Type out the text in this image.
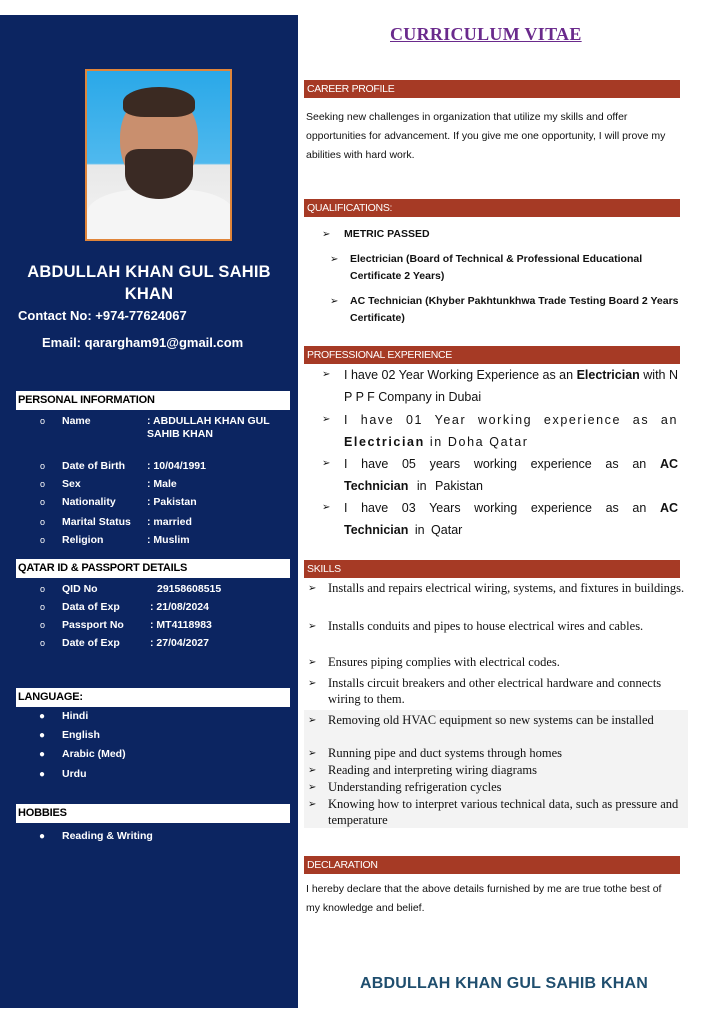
ABDULLAH KHAN GUL SAHIB KHAN
Contact No: +974-77624067
Email: qarargham91@gmail.com
PERSONAL INFORMATION
o Name	: ABDULLAH KHAN GUL SAHIB KHAN
o Date of Birth : 10/04/1991
o Sex	: Male
o Nationality	: Pakistan
o Marital Status : married
o Religion	: Muslim
QATAR ID & PASSPORT DETAILS
o QID No	29158608515
o Data of Exp	: 21/08/2024
o Passport No : MT4118983
o Date of Exp	: 27/04/2027
LANGUAGE:
● Hindi
● English
● Arabic (Med)
● Urdu
HOBBIES
● Reading & Writing
CURRICULUM VITAE
CAREER PROFILE
Seeking new challenges in organization that utilize my skills and offer opportunities for advancement. If you give me one opportunity, I will prove my abilities with hard work.
QUALIFICATIONS:
➢ METRIC PASSED
➢ Electrician (Board of Technical & Professional Educational Certificate 2 Years)
➢ AC Technician (Khyber Pakhtunkhwa Trade Testing Board 2 Years Certificate)
PROFESSIONAL EXPERIENCE
➢ I have 02 Year Working Experience as an Electrician with N P P F Company in Dubai
➢ I have 01 Year working experience as an Electrician in Doha Qatar
➢ I have 05 years working experience as an AC Technician in Pakistan
➢ I have 03 Years working experience as an AC Technician in Qatar
SKILLS
➢ Installs and repairs electrical wiring, systems, and fixtures in buildings.
➢ Installs conduits and pipes to house electrical wires and cables.
➢ Ensures piping complies with electrical codes.
➢ Installs circuit breakers and other electrical hardware and connects wiring to them.
➢ Removing old HVAC equipment so new systems can be installed
➢ Running pipe and duct systems through homes
➢ Reading and interpreting wiring diagrams
➢ Understanding refrigeration cycles
➢ Knowing how to interpret various technical data, such as pressure and temperature
DECLARATION
I hereby declare that the above details furnished by me are true tothe best of my knowledge and belief.
ABDULLAH KHAN GUL SAHIB KHAN
